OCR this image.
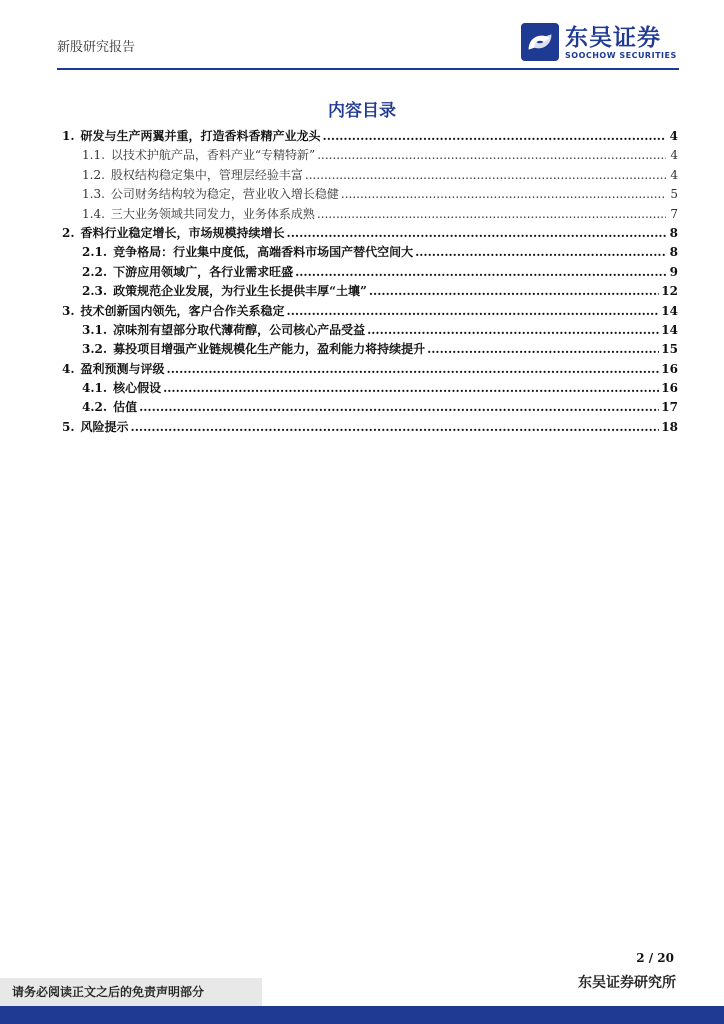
新股研究报告	东吴证券
SOOCHOW SECURITIES
内容目录
1. 研发与生产两翼并重，打造香料香精产业龙头 .....	4
1.1. 以技术护航产品，香料产业“专精特新” .....	4
1.2. 股权结构稳定集中，管理层经验丰富 .....	4
1.3. 公司财务结构较为稳定，营业收入增长稳健 .....	5
1.4. 三大业务领域共同发力，业务体系成熟 .....	7
2. 香料行业稳定增长，市场规模持续增长 .....	8
2.1. 竞争格局：行业集中度低，高端香料市场国产替代空间大 .....	8
2.2. 下游应用领域广，各行业需求旺盛 .....	9
2.3. 政策规范企业发展，为行业生长提供丰厚“土壤” .....	12
3. 技术创新国内领先，客户合作关系稳定 .....	14
3.1. 凉味剂有望部分取代薄荷醇，公司核心产品受益 .....	14
3.2. 募投项目增强产业链规模化生产能力，盈利能力将持续提升 .....	15
4. 盈利预测与评级 .....	16
4.1. 核心假设 .....	16
4.2. 估值 .....	17
5. 风险提示 .....	18
2 / 20
请务必阅读正文之后的免责声明部分
东吴证券研究所
